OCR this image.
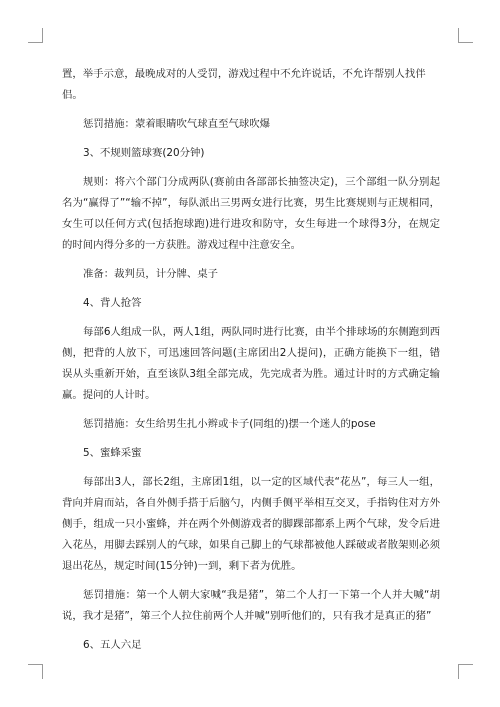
置，举手示意，最晚成对的人受罚，游戏过程中不允许说话，不允许帮别人找伴侣。

惩罚措施：蒙着眼睛吹气球直至气球吹爆

3、不规则篮球赛(20分钟)

规则：将六个部门分成两队(赛前由各部部长抽签决定)，三个部组一队分别起名为“赢得了”“输不掉”，每队派出三男两女进行比赛，男生比赛规则与正规相同，女生可以任何方式(包括抱球跑)进行进攻和防守，女生每进一个球得3分，在规定的时间内得分多的一方获胜。游戏过程中注意安全。

准备：裁判员，计分牌、桌子

4、背人抢答

每部6人组成一队，两人1组，两队同时进行比赛，由半个排球场的东侧跑到西侧，把背的人放下，可迅速回答问题(主席团出2人提问)，正确方能换下一组，错误从头重新开始，直至该队3组全部完成，先完成者为胜。通过计时的方式确定输赢。提问的人计时。

惩罚措施：女生给男生扎小辫或卡子(同组的)摆一个迷人的pose

5、蜜蜂采蜜

每部出3人，部长2组，主席团1组，以一定的区域代表“花丛”，每三人一组，背向并肩而站，各自外侧手搭于后脑勺，内侧手侧平举相互交叉，手指钩住对方外侧手，组成一只小蜜蜂，并在两个外侧游戏者的脚踝部都系上两个气球，发令后进入花丛，用脚去踩别人的气球，如果自己脚上的气球都被他人踩破或者散架则必须退出花丛，规定时间(15分钟)一到，剩下者为优胜。

惩罚措施：第一个人朝大家喊“我是猪”，第二个人打一下第一个人并大喊“胡说，我才是猪”，第三个人拉住前两个人并喊“别听他们的，只有我才是真正的猪”

6、五人六足
